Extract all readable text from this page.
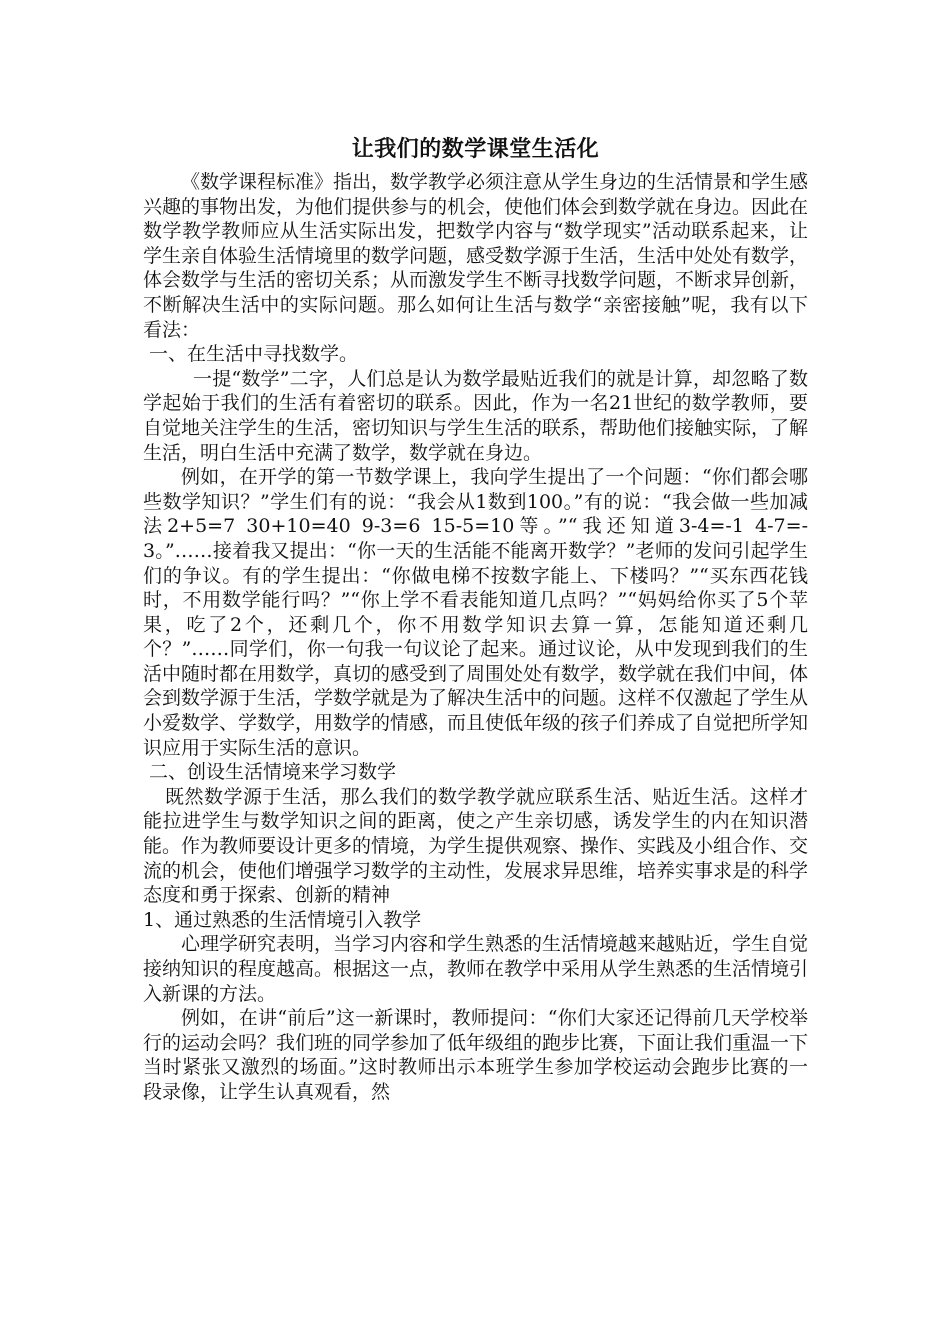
让我们的数学课堂生活化

《数学课程标准》指出，数学教学必须注意从学生身边的生活情景和学生感兴趣的事物出发，为他们提供参与的机会，使他们体会到数学就在身边。因此在数学教学教师应从生活实际出发，把数学内容与“数学现实”活动联系起来，让学生亲自体验生活情境里的数学问题，感受数学源于生活，生活中处处有数学，体会数学与生活的密切关系；从而激发学生不断寻找数学问题，不断求异创新，不断解决生活中的实际问题。那么如何让生活与数学“亲密接触”呢，我有以下看法：

一、在生活中寻找数学。

一提“数学”二字，人们总是认为数学最贴近我们的就是计算，却忽略了数学起始于我们的生活有着密切的联系。因此，作为一名21世纪的数学教师，要自觉地关注学生的生活，密切知识与学生生活的联系，帮助他们接触实际，了解生活，明白生活中充满了数学，数学就在身边。

例如，在开学的第一节数学课上，我向学生提出了一个问题：“你们都会哪些数学知识？”学生们有的说：“我会从1数到100。”有的说：“我会做一些加减法2+5=7 30+10=40 9-3=6 15-5=10等。”“我还知道3-4=-1 4-7=-3。”……接着我又提出：“你一天的生活能不能离开数学？”老师的发问引起学生们的争议。有的学生提出：“你做电梯不按数字能上、下楼吗？”“买东西花钱时，不用数学能行吗？”“你上学不看表能知道几点吗？”“妈妈给你买了5个苹果，吃了2个，还剩几个，你不用数学知识去算一算，怎能知道还剩几个？”……同学们，你一句我一句议论了起来。通过议论，从中发现到我们的生活中随时都在用数学，真切的感受到了周围处处有数学，数学就在我们中间，体会到数学源于生活，学数学就是为了解决生活中的问题。这样不仅激起了学生从小爱数学、学数学，用数学的情感，而且使低年级的孩子们养成了自觉把所学知识应用于实际生活的意识。

二、创设生活情境来学习数学

既然数学源于生活，那么我们的数学教学就应联系生活、贴近生活。这样才能拉进学生与数学知识之间的距离，使之产生亲切感，诱发学生的内在知识潜能。作为教师要设计更多的情境，为学生提供观察、操作、实践及小组合作、交流的机会，使他们增强学习数学的主动性，发展求异思维，培养实事求是的科学态度和勇于探索、创新的精神

1、通过熟悉的生活情境引入教学

心理学研究表明，当学习内容和学生熟悉的生活情境越来越贴近，学生自觉接纳知识的程度越高。根据这一点，教师在教学中采用从学生熟悉的生活情境引入新课的方法。

例如，在讲“前后”这一新课时，教师提问：“你们大家还记得前几天学校举行的运动会吗？我们班的同学参加了低年级组的跑步比赛，下面让我们重温一下当时紧张又激烈的场面。”这时教师出示本班学生参加学校运动会跑步比赛的一段录像，让学生认真观看，然
